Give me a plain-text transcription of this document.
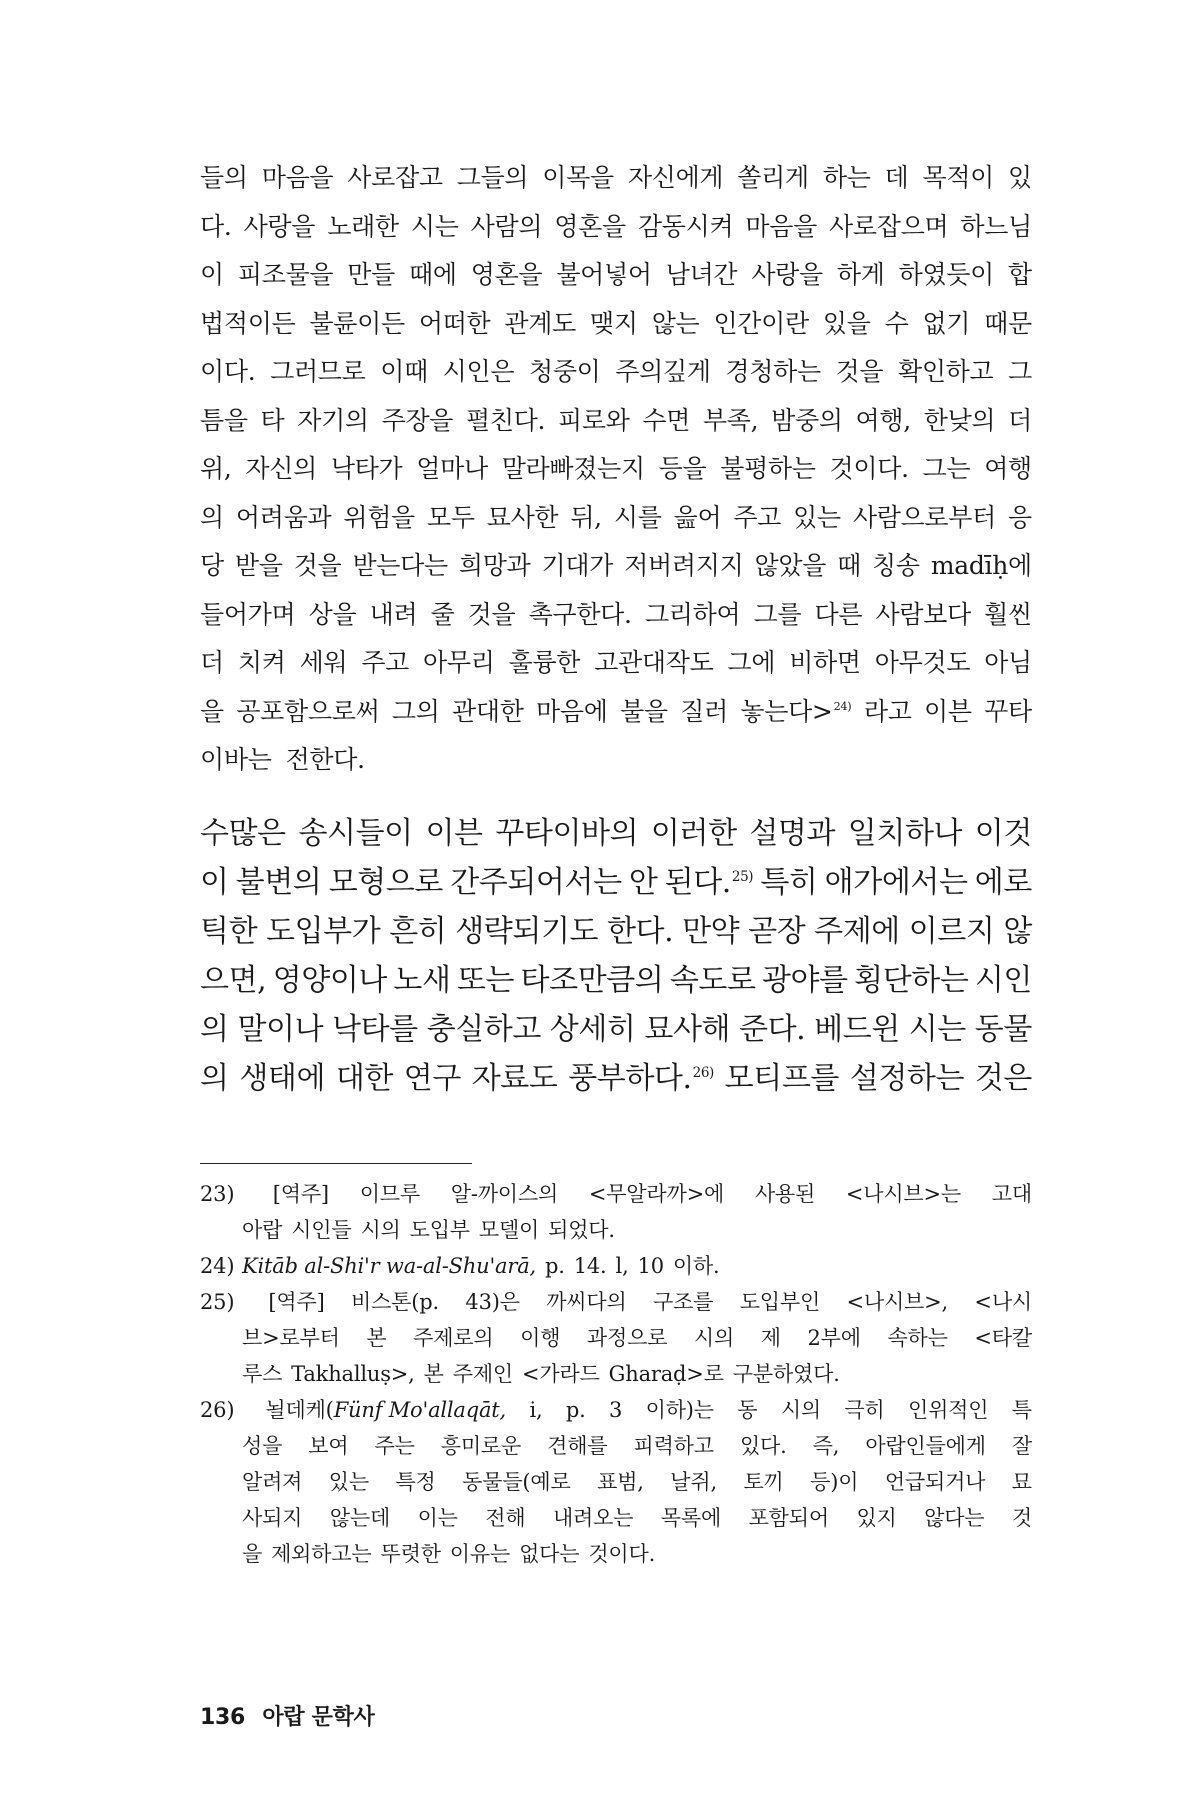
들의 마음을 사로잡고 그들의 이목을 자신에게 쏠리게 하는 데 목적이 있
다. 사랑을 노래한 시는 사람의 영혼을 감동시켜 마음을 사로잡으며 하느님
이 피조물을 만들 때에 영혼을 불어넣어 남녀간 사랑을 하게 하였듯이 합
법적이든 불륜이든 어떠한 관계도 맺지 않는 인간이란 있을 수 없기 때문
이다. 그러므로 이때 시인은 청중이 주의깊게 경청하는 것을 확인하고 그
틈을 타 자기의 주장을 펼친다. 피로와 수면 부족, 밤중의 여행, 한낮의 더
위, 자신의 낙타가 얼마나 말라빠졌는지 등을 불평하는 것이다. 그는 여행
의 어려움과 위험을 모두 묘사한 뒤, 시를 읊어 주고 있는 사람으로부터 응
당 받을 것을 받는다는 희망과 기대가 저버려지지 않았을 때 칭송 madīḥ에
들어가며 상을 내려 줄 것을 촉구한다. 그리하여 그를 다른 사람보다 훨씬
더 치켜 세워 주고 아무리 훌륭한 고관대작도 그에 비하면 아무것도 아님
을 공포함으로써 그의 관대한 마음에 불을 질러 놓는다>$^{24)}$ 라고 이븐 꾸타
이바는 전한다.
수많은 송시들이 이븐 꾸타이바의 이러한 설명과 일치하나 이것
이 불변의 모형으로 간주되어서는 안 된다.$^{25)}$ 특히 애가에서는 에로
틱한 도입부가 흔히 생략되기도 한다. 만약 곧장 주제에 이르지 않
으면, 영양이나 노새 또는 타조만큼의 속도로 광야를 횡단하는 시인
의 말이나 낙타를 충실하고 상세히 묘사해 준다. 베드윈 시는 동물
의 생태에 대한 연구 자료도 풍부하다.$^{26)}$ 모티프를 설정하는 것은
23) [역주] 이므루 알-까이스의 <무알라까>에 사용된 <나시브>는 고대
아랍 시인들 시의 도입부 모델이 되었다.
24) Kitāb al-Shi'r wa-al-Shu'arā, p. 14. l, 10 이하.
25) [역주] 비스톤(p. 43)은 까씨다의 구조를 도입부인 <나시브>, <나시
브>로부터 본 주제로의 이행 과정으로 시의 제 2부에 속하는 <타칼
루스 Takhalluṣ>, 본 주제인 <가라드 Gharaḍ>로 구분하였다.
26) 뇔데케(Fünf Mo'allaqāt, i, p. 3 이하)는 동 시의 극히 인위적인 특
성을 보여 주는 흥미로운 견해를 피력하고 있다. 즉, 아랍인들에게 잘
알려져 있는 특정 동물들(예로 표범, 날쥐, 토끼 등)이 언급되거나 묘
사되지 않는데 이는 전해 내려오는 목록에 포함되어 있지 않다는 것
을 제외하고는 뚜렷한 이유는 없다는 것이다.
136 아랍 문학사
